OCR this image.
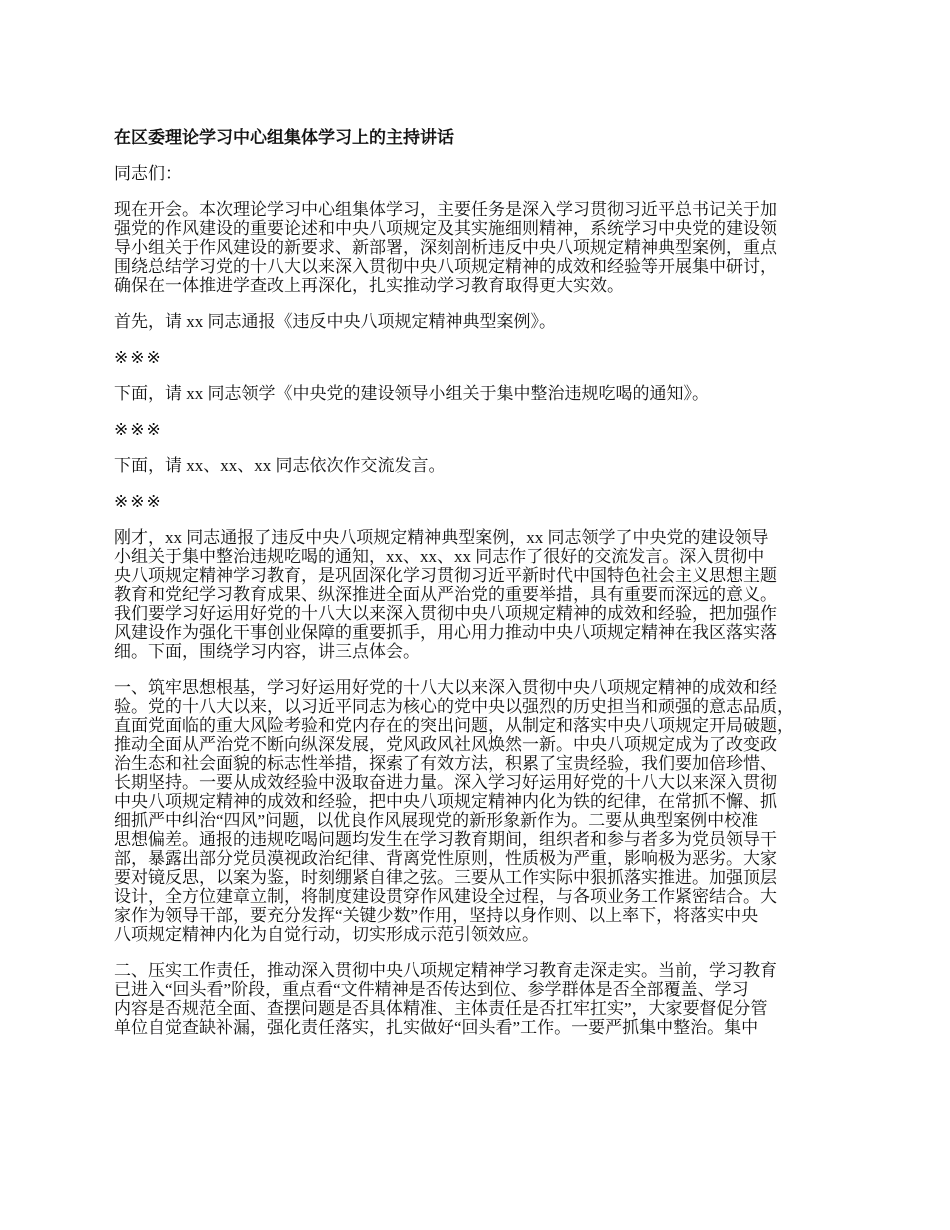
在区委理论学习中心组集体学习上的主持讲话

同志们：

现在开会。本次理论学习中心组集体学习，主要任务是深入学习贯彻习近平总书记关于加
强党的作风建设的重要论述和中央八项规定及其实施细则精神，系统学习中央党的建设领
导小组关于作风建设的新要求、新部署，深刻剖析违反中央八项规定精神典型案例，重点
围绕总结学习党的十八大以来深入贯彻中央八项规定精神的成效和经验等开展集中研讨，
确保在一体推进学查改上再深化，扎实推动学习教育取得更大实效。

首先，请 xx 同志通报《违反中央八项规定精神典型案例》。

※※※

下面，请 xx 同志领学《中央党的建设领导小组关于集中整治违规吃喝的通知》。

※※※

下面，请 xx、xx、xx 同志依次作交流发言。

※※※

刚才，xx 同志通报了违反中央八项规定精神典型案例，xx 同志领学了中央党的建设领导
小组关于集中整治违规吃喝的通知，xx、xx、xx 同志作了很好的交流发言。深入贯彻中
央八项规定精神学习教育，是巩固深化学习贯彻习近平新时代中国特色社会主义思想主题
教育和党纪学习教育成果、纵深推进全面从严治党的重要举措，具有重要而深远的意义。
我们要学习好运用好党的十八大以来深入贯彻中央八项规定精神的成效和经验，把加强作
风建设作为强化干事创业保障的重要抓手，用心用力推动中央八项规定精神在我区落实落
细。下面，围绕学习内容，讲三点体会。

一、筑牢思想根基，学习好运用好党的十八大以来深入贯彻中央八项规定精神的成效和经
验。党的十八大以来，以习近平同志为核心的党中央以强烈的历史担当和顽强的意志品质，
直面党面临的重大风险考验和党内存在的突出问题，从制定和落实中央八项规定开局破题，
推动全面从严治党不断向纵深发展，党风政风社风焕然一新。中央八项规定成为了改变政
治生态和社会面貌的标志性举措，探索了有效方法，积累了宝贵经验，我们要加倍珍惜、
长期坚持。一要从成效经验中汲取奋进力量。深入学习好运用好党的十八大以来深入贯彻
中央八项规定精神的成效和经验，把中央八项规定精神内化为铁的纪律，在常抓不懈、抓
细抓严中纠治“四风”问题，以优良作风展现党的新形象新作为。二要从典型案例中校准
思想偏差。通报的违规吃喝问题均发生在学习教育期间，组织者和参与者多为党员领导干
部，暴露出部分党员漠视政治纪律、背离党性原则，性质极为严重，影响极为恶劣。大家
要对镜反思，以案为鉴，时刻绷紧自律之弦。三要从工作实际中狠抓落实推进。加强顶层
设计，全方位建章立制，将制度建设贯穿作风建设全过程，与各项业务工作紧密结合。大
家作为领导干部，要充分发挥“关键少数”作用，坚持以身作则、以上率下，将落实中央
八项规定精神内化为自觉行动，切实形成示范引领效应。

二、压实工作责任，推动深入贯彻中央八项规定精神学习教育走深走实。当前，学习教育
已进入“回头看”阶段，重点看“文件精神是否传达到位、参学群体是否全部覆盖、学习
内容是否规范全面、查摆问题是否具体精准、主体责任是否扛牢扛实”，大家要督促分管
单位自觉查缺补漏，强化责任落实，扎实做好“回头看”工作。一要严抓集中整治。集中
